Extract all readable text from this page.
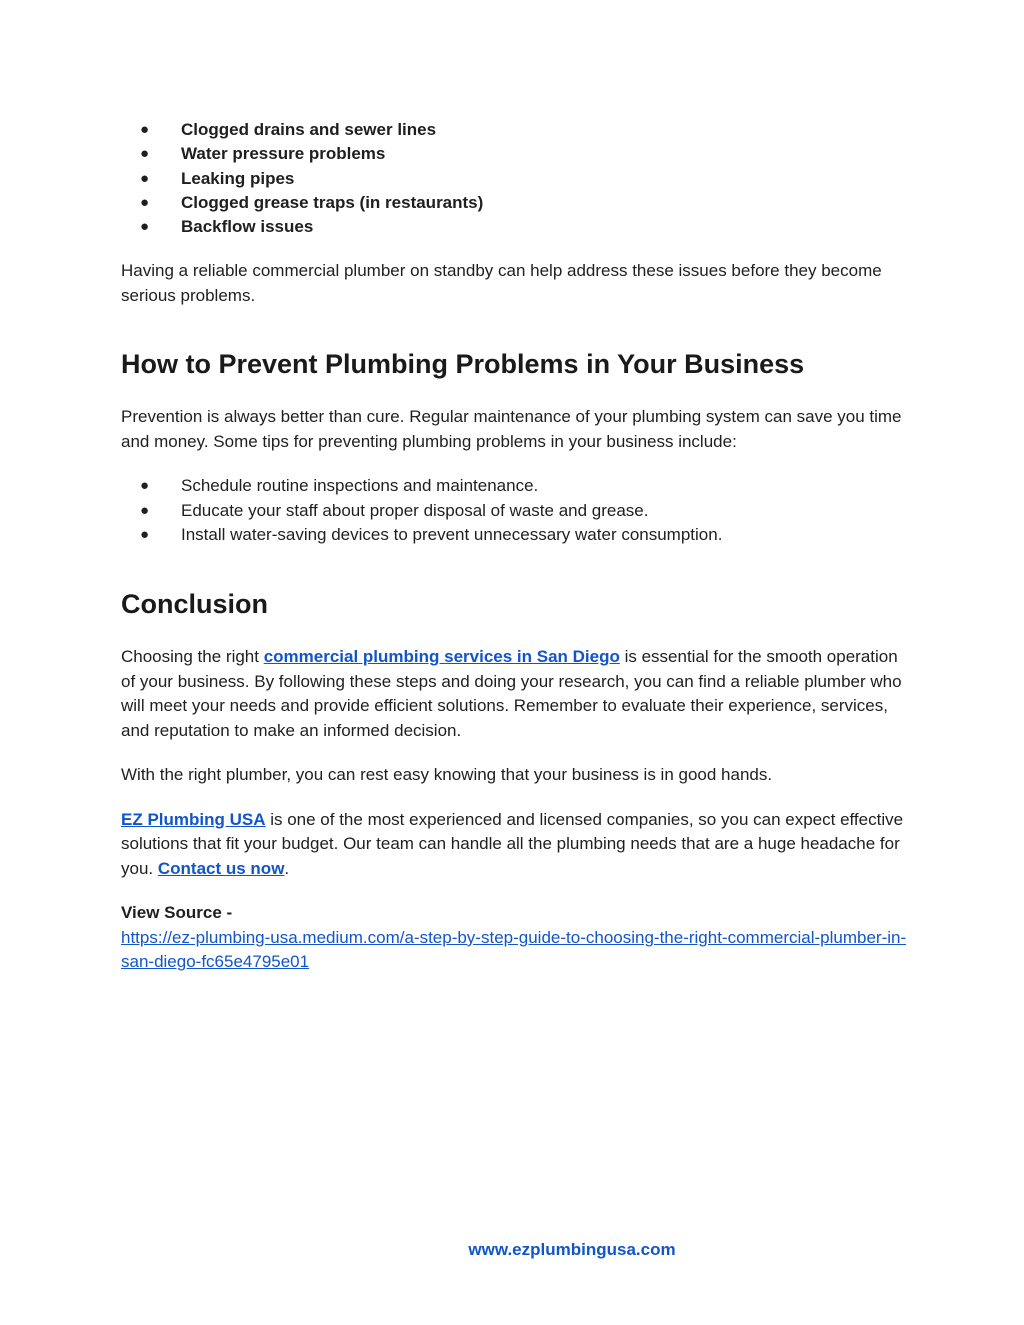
● Clogged drains and sewer lines
● Water pressure problems
● Leaking pipes
● Clogged grease traps (in restaurants)
● Backflow issues

Having a reliable commercial plumber on standby can help address these issues before they become serious problems.

How to Prevent Plumbing Problems in Your Business

Prevention is always better than cure. Regular maintenance of your plumbing system can save you time and money. Some tips for preventing plumbing problems in your business include:

● Schedule routine inspections and maintenance.
● Educate your staff about proper disposal of waste and grease.
● Install water-saving devices to prevent unnecessary water consumption.
Conclusion

Choosing the right commercial plumbing services in San Diego is essential for the smooth operation of your business. By following these steps and doing your research, you can find a reliable plumber who will meet your needs and provide efficient solutions. Remember to evaluate their experience, services, and reputation to make an informed decision.

With the right plumber, you can rest easy knowing that your business is in good hands.

EZ Plumbing USA is one of the most experienced and licensed companies, so you can expect effective solutions that fit your budget. Our team can handle all the plumbing needs that are a huge headache for you. Contact us now.

View Source -
https://ez-plumbing-usa.medium.com/a-step-by-step-guide-to-choosing-the-right-commercial-plumber-in-san-diego-fc65e4795e01
www.ezplumbingusa.com
